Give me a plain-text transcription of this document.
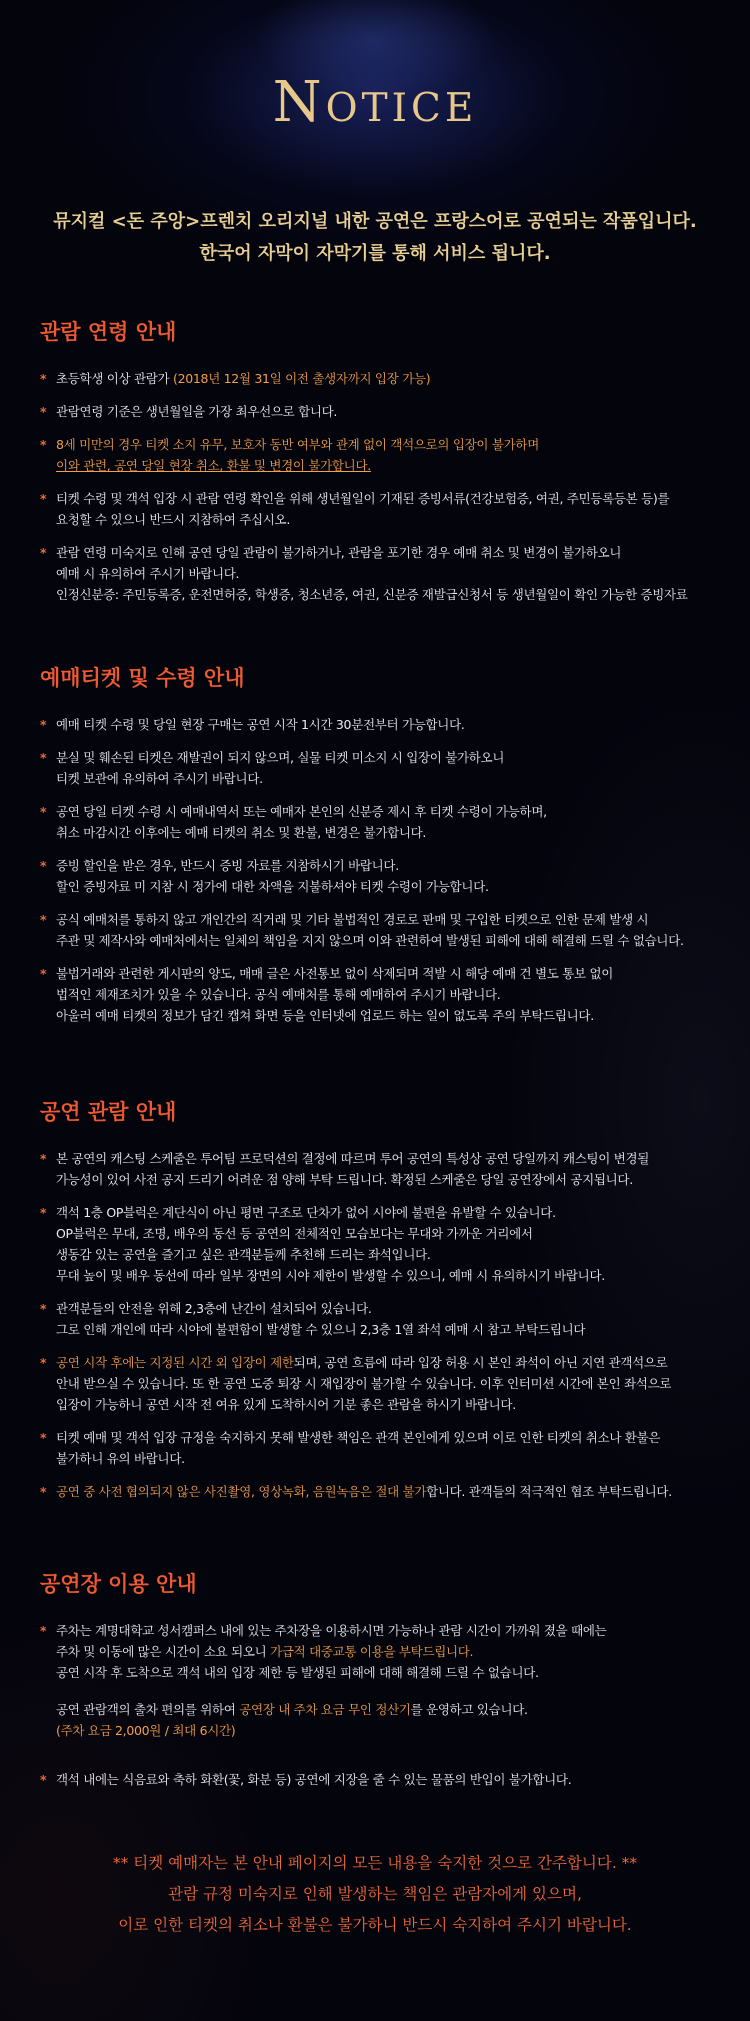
Notice
뮤지컬 <돈 주앙>프렌치 오리지널 내한 공연은 프랑스어로 공연되는 작품입니다.
한국어 자막이 자막기를 통해 서비스 됩니다.
관람 연령 안내
* 초등학생 이상 관람가 (2018년 12월 31일 이전 출생자까지 입장 가능)
* 관람연령 기준은 생년월일을 가장 최우선으로 합니다.
* 8세 미만의 경우 티켓 소지 유무, 보호자 동반 여부와 관계 없이 객석으로의 입장이 불가하며
이와 관련, 공연 당일 현장 취소, 환불 및 변경이 불가합니다.
* 티켓 수령 및 객석 입장 시 관람 연령 확인을 위해 생년월일이 기재된 증빙서류(건강보험증, 여권, 주민등록등본 등)를
요청할 수 있으니 반드시 지참하여 주십시오.
* 관람 연령 미숙지로 인해 공연 당일 관람이 불가하거나, 관람을 포기한 경우 예매 취소 및 변경이 불가하오니
예매 시 유의하여 주시기 바랍니다.
인정신분증: 주민등록증, 운전면허증, 학생증, 청소년증, 여권, 신분증 재발급신청서 등 생년월일이 확인 가능한 증빙자료
예매티켓 및 수령 안내
* 예매 티켓 수령 및 당일 현장 구매는 공연 시작 1시간 30분전부터 가능합니다.
* 분실 및 훼손된 티켓은 재발권이 되지 않으며, 실물 티켓 미소지 시 입장이 불가하오니
티켓 보관에 유의하여 주시기 바랍니다.
* 공연 당일 티켓 수령 시 예매내역서 또는 예매자 본인의 신분증 제시 후 티켓 수령이 가능하며,
취소 마감시간 이후에는 예매 티켓의 취소 및 환불, 변경은 불가합니다.
* 증빙 할인을 받은 경우, 반드시 증빙 자료를 지참하시기 바랍니다.
할인 증빙자료 미 지참 시 정가에 대한 차액을 지불하셔야 티켓 수령이 가능합니다.
* 공식 예매처를 통하지 않고 개인간의 직거래 및 기타 불법적인 경로로 판매 및 구입한 티켓으로 인한 문제 발생 시
주관 및 제작사와 예매처에서는 일체의 책임을 지지 않으며 이와 관련하여 발생된 피해에 대해 해결해 드릴 수 없습니다.
* 불법거래와 관련한 게시판의 양도, 매매 글은 사전통보 없이 삭제되며 적발 시 해당 예매 건 별도 통보 없이
법적인 제재조치가 있을 수 있습니다. 공식 예매처를 통해 예매하여 주시기 바랍니다.
아울러 예매 티켓의 정보가 담긴 캡쳐 화면 등을 인터넷에 업로드 하는 일이 없도록 주의 부탁드립니다.
공연 관람 안내
* 본 공연의 캐스팅 스케줄은 투어팀 프로덕션의 결정에 따르며 투어 공연의 특성상 공연 당일까지 캐스팅이 변경될
가능성이 있어 사전 공지 드리기 어려운 점 양해 부탁 드립니다. 확정된 스케줄은 당일 공연장에서 공지됩니다.
* 객석 1층 OP블럭은 계단식이 아닌 평면 구조로 단차가 없어 시야에 불편을 유발할 수 있습니다.
OP블럭은 무대, 조명, 배우의 동선 등 공연의 전체적인 모습보다는 무대와 가까운 거리에서
생동감 있는 공연을 즐기고 싶은 관객분들께 추천해 드리는 좌석입니다.
무대 높이 및 배우 동선에 따라 일부 장면의 시야 제한이 발생할 수 있으니, 예매 시 유의하시기 바랍니다.
* 관객분들의 안전을 위해 2,3층에 난간이 설치되어 있습니다.
그로 인해 개인에 따라 시야에 불편함이 발생할 수 있으니 2,3층 1열 좌석 예매 시 참고 부탁드립니다
* 공연 시작 후에는 지정된 시간 외 입장이 제한되며, 공연 흐름에 따라 입장 허용 시 본인 좌석이 아닌 지연 관객석으로
안내 받으실 수 있습니다. 또 한 공연 도중 퇴장 시 재입장이 불가할 수 있습니다. 이후 인터미션 시간에 본인 좌석으로
입장이 가능하니 공연 시작 전 여유 있게 도착하시어 기분 좋은 관람을 하시기 바랍니다.
* 티켓 예매 및 객석 입장 규정을 숙지하지 못해 발생한 책임은 관객 본인에게 있으며 이로 인한 티켓의 취소나 환불은
불가하니 유의 바랍니다.
* 공연 중 사전 협의되지 않은 사진촬영, 영상녹화, 음원녹음은 절대 불가합니다. 관객들의 적극적인 협조 부탁드립니다.
공연장 이용 안내
* 주차는 계명대학교 성서캠퍼스 내에 있는 주차장을 이용하시면 가능하나 관람 시간이 가까워 졌을 때에는
주차 및 이동에 많은 시간이 소요 되오니 가급적 대중교통 이용을 부탁드립니다.
공연 시작 후 도착으로 객석 내의 입장 제한 등 발생된 피해에 대해 해결해 드릴 수 없습니다.
공연 관람객의 출차 편의를 위하여 공연장 내 주차 요금 무인 정산기를 운영하고 있습니다.
(주차 요금 2,000원 / 최대 6시간)
* 객석 내에는 식음료와 축하 화환(꽃, 화분 등) 공연에 지장을 줄 수 있는 물품의 반입이 불가합니다.
** 티켓 예매자는 본 안내 페이지의 모든 내용을 숙지한 것으로 간주합니다. **
관람 규정 미숙지로 인해 발생하는 책임은 관람자에게 있으며,
이로 인한 티켓의 취소나 환불은 불가하니 반드시 숙지하여 주시기 바랍니다.
